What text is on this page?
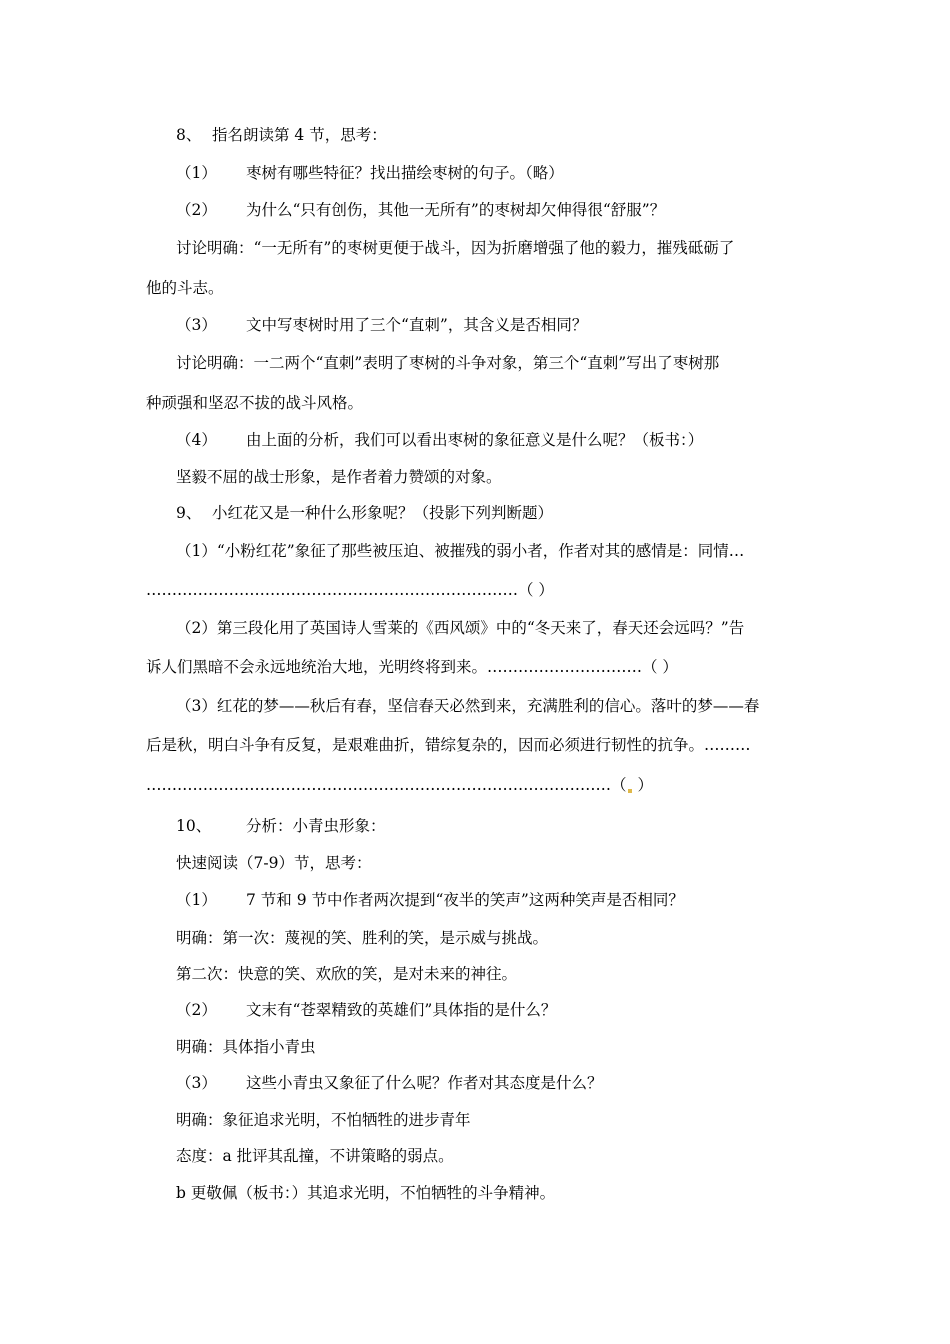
8、 指名朗读第 4 节，思考：
（1） 枣树有哪些特征？找出描绘枣树的句子。（略）
（2） 为什么“只有创伤，其他一无所有”的枣树却欠伸得很“舒服”？
讨论明确：“一无所有”的枣树更便于战斗，因为折磨增强了他的毅力，摧残砥砺了
他的斗志。
（3） 文中写枣树时用了三个“直刺”，其含义是否相同？
讨论明确：一二两个“直刺”表明了枣树的斗争对象，第三个“直刺”写出了枣树那
种顽强和坚忍不拔的战斗风格。
（4） 由上面的分析，我们可以看出枣树的象征意义是什么呢？（板书：）
坚毅不屈的战士形象，是作者着力赞颂的对象。
9、 小红花又是一种什么形象呢？（投影下列判断题）
（1）“小粉红花”象征了那些被压迫、被摧残的弱小者，作者对其的感情是：同情…
………………………………………………………………（ ）
（2）第三段化用了英国诗人雪莱的《西风颂》中的“冬天来了，春天还会远吗？”告
诉人们黑暗不会永远地统治大地，光明终将到来。…………………………（ ）
（3）红花的梦——秋后有春，坚信春天必然到来，充满胜利的信心。落叶的梦——春
后是秋，明白斗争有反复，是艰难曲折，错综复杂的，因而必须进行韧性的抗争。………
………………………………………………………………………………（ ）
10、 分析：小青虫形象：
快速阅读（7-9）节，思考：
（1） 7 节和 9 节中作者两次提到“夜半的笑声”这两种笑声是否相同？
明确：第一次：蔑视的笑、胜利的笑，是示威与挑战。
第二次：快意的笑、欢欣的笑，是对未来的神往。
（2） 文末有“苍翠精致的英雄们”具体指的是什么？
明确：具体指小青虫
（3） 这些小青虫又象征了什么呢？作者对其态度是什么？
明确：象征追求光明，不怕牺牲的进步青年
态度：a 批评其乱撞，不讲策略的弱点。
b 更敬佩（板书：）其追求光明，不怕牺牲的斗争精神。
